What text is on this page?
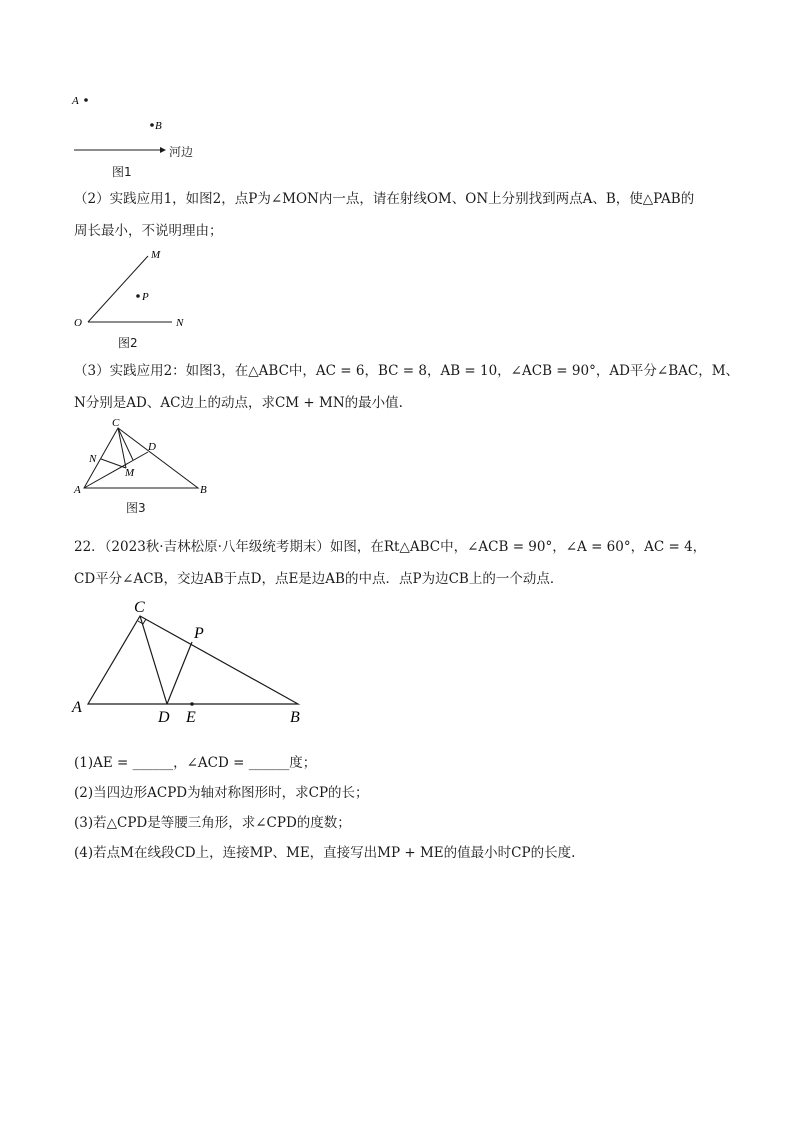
A
B
河边
图1
（2）实践应用1，如图2，点P为∠MON内一点，请在射线OM、ON上分别找到两点A、B，使△PAB的
周长最小，不说明理由；
M
P
O	N
图2
（3）实践应用2：如图3，在△ABC中，AC = 6，BC = 8，AB = 10，∠ACB = 90°，AD平分∠BAC，M、
N分别是AD、AC边上的动点，求CM + MN的最小值.
C
D
N
M
A	B
图3
22．（2023秋·吉林松原·八年级统考期末）如图，在Rt△ABC中，∠ACB = 90°，∠A = 60°，AC = 4，
CD平分∠ACB，交边AB于点D，点E是边AB的中点．点P为边CB上的一个动点．
C
P
A
D E	B
(1)AE = ______，∠ACD = ______度；
(2)当四边形ACPD为轴对称图形时，求CP的长；
(3)若△CPD是等腰三角形，求∠CPD的度数；
(4)若点M在线段CD上，连接MP、ME，直接写出MP + ME的值最小时CP的长度.
